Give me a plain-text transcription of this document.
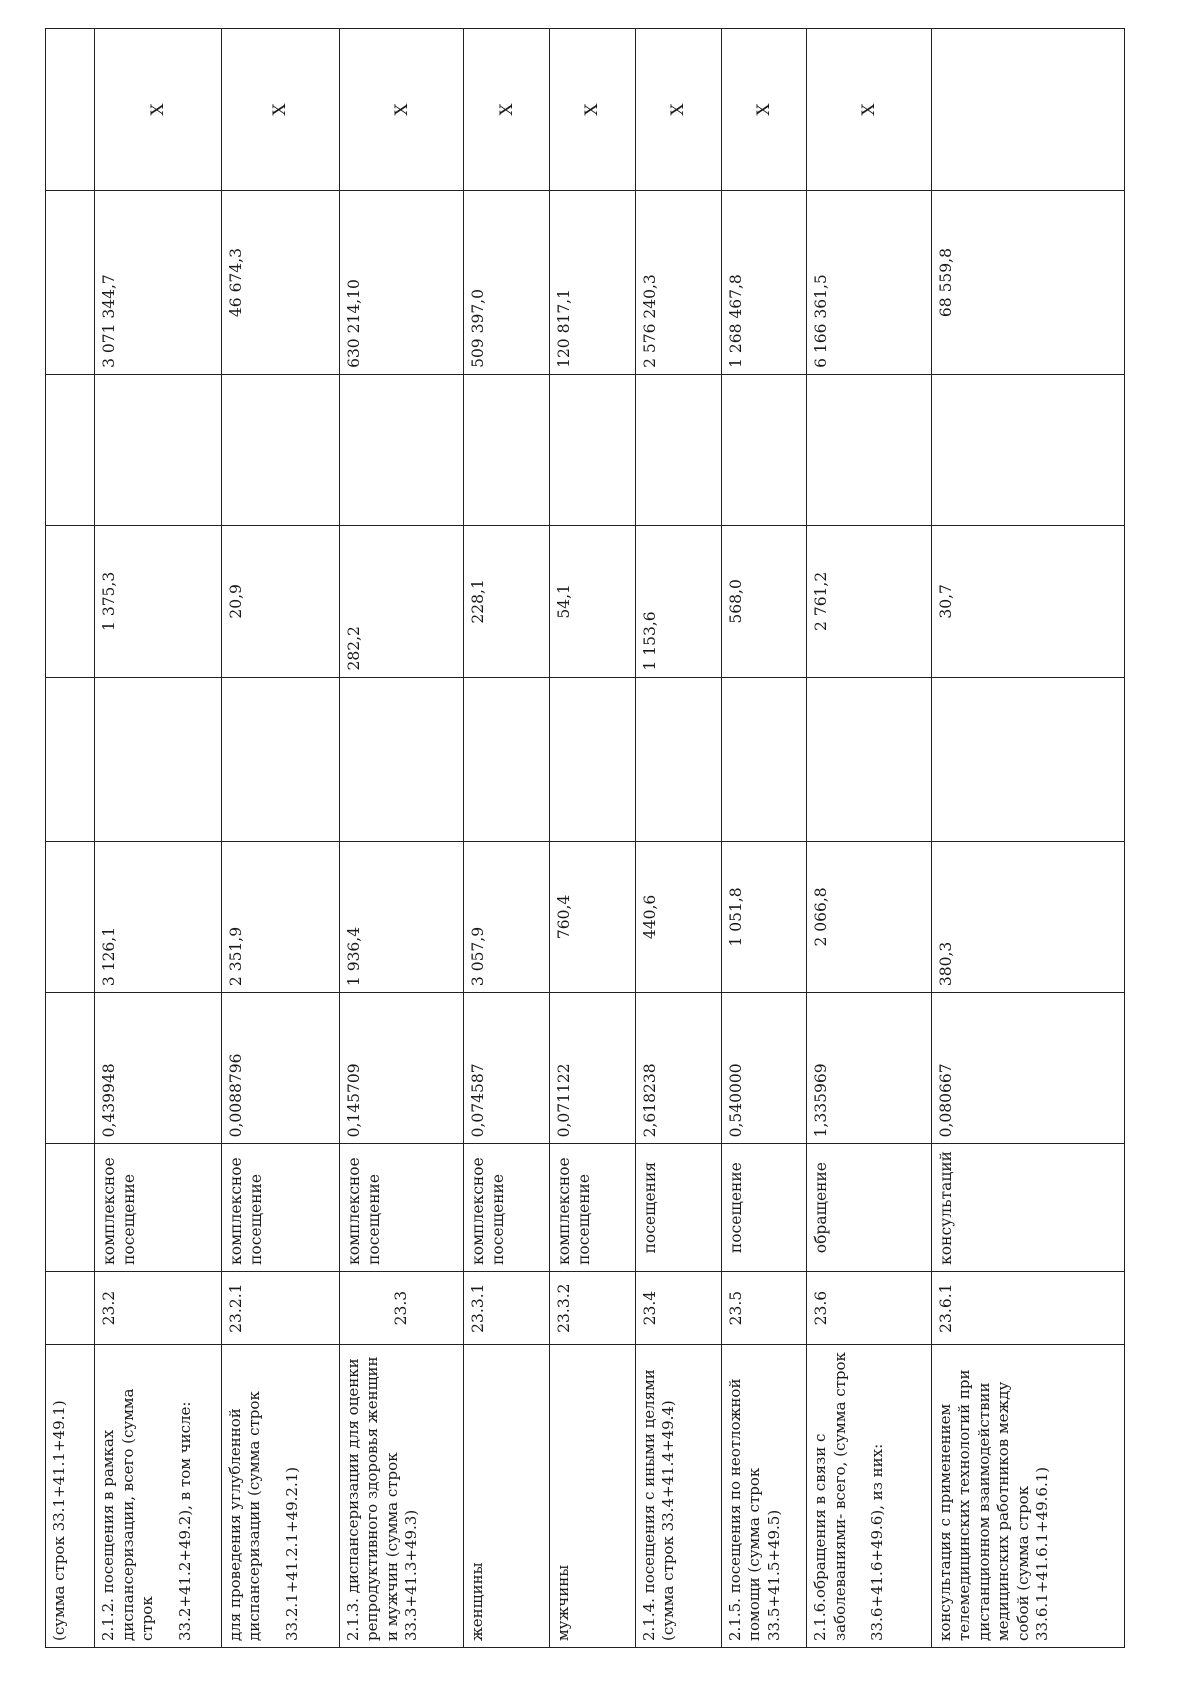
(сумма строк 33.1+41.1+49.1)									
2.1.2. посещения в рамках диспансеризации, всего (сумма строк 33.2+41.2+49.2), в том числе:	23.2	комплексное посещение	0,439948	3 126,1		1 375,3		3 071 344,7	X
для проведения углубленной диспансеризации (сумма строк 33.2.1+41.2.1+49.2.1)	23.2.1	комплексное посещение	0,0088796	2 351,9		20,9		46 674,3	X
2.1.3. диспансеризации для оценки репродуктивного здоровья женщин и мужчин (сумма строк 33.3+41.3+49.3)	23.3	комплексное посещение	0,145709	1 936,4		282,2		630 214,10	X
женщины	23.3.1	комплексное посещение	0,074587	3 057,9		228,1		509 397,0	X
мужчины	23.3.2	комплексное посещение	0,071122	760,4		54,1		120 817,1	X
2.1.4. посещения с иными целями (сумма строк 33.4+41.4+49.4)	23.4	посещения	2,618238	440,6		1 153,6		2 576 240,3	X
2.1.5. посещения по неотложной помощи (сумма строк 33.5+41.5+49.5)	23.5	посещение	0,540000	1 051,8		568,0		1 268 467,8	X
2.1.6.обращения в связи с заболеваниями- всего, (сумма строк 33.6+41.6+49.6), из них:	23.6	обращение	1,335969	2 066,8		2 761,2		6 166 361,5	X
консультация с применением телемедицинских технологий при дистанционном взаимодействии медицинских работников между собой (сумма строк 33.6.1+41.6.1+49.6.1)	23.6.1	консультаций	0,080667	380,3		30,7		68 559,8	
